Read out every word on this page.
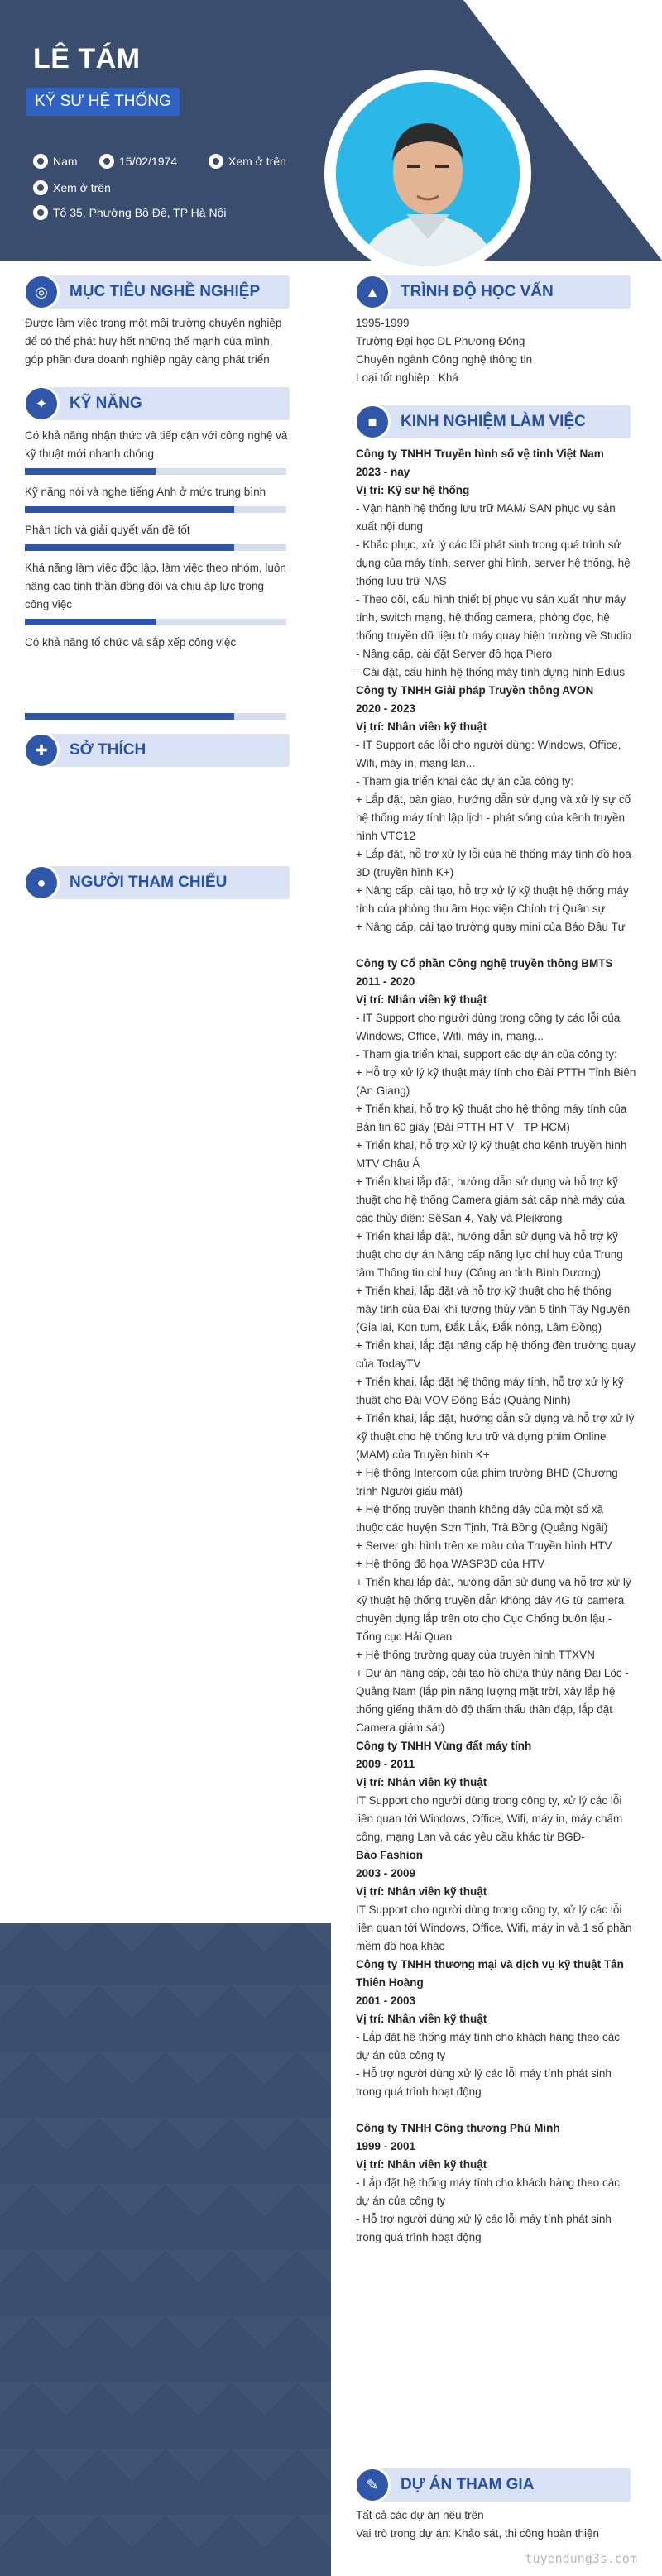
LÊ TÁM
KỸ SƯ HỆ THỐNG
Nam	15/02/1974	Xem ở trên
Xem ở trên
Tổ 35, Phường Bồ Đề, TP Hà Nội
◎	MỤC TIÊU NGHỀ NGHIỆP
Được làm việc trong một môi trường chuyên nghiệp
để có thể phát huy hết những thế mạnh của mình,
góp phần đưa doanh nghiệp ngày càng phát triển
✦	KỸ NĂNG
Có khả năng nhận thức và tiếp cận với công nghệ và
kỹ thuật mới nhanh chóng
Kỹ năng nói và nghe tiếng Anh ở mức trung bình
Phân tích và giải quyết vấn đề tốt
Khả năng làm việc độc lập, làm việc theo nhóm, luôn
nâng cao tinh thần đồng đội và chịu áp lực trong
công việc
Có khả năng tổ chức và sắp xếp công việc
✚	SỞ THÍCH
●	NGƯỜI THAM CHIẾU
▲	TRÌNH ĐỘ HỌC VẤN
1995-1999
Trường Đại học DL Phương Đông
Chuyên ngành Công nghệ thông tin
Loại tốt nghiệp : Khá
■	KINH NGHIỆM LÀM VIỆC
Công ty TNHH Truyền hình số vệ tinh Việt Nam
2023 - nay
Vị trí: Kỹ sư hệ thống
- Vận hành hệ thống lưu trữ MAM/ SAN phục vụ sản
xuất nội dung
- Khắc phục, xử lý các lỗi phát sinh trong quá trình sử
dụng của máy tính, server ghi hình, server hệ thống, hệ
thống lưu trữ NAS
- Theo dõi, cấu hình thiết bị phục vụ sản xuất như máy
tính, switch mạng, hệ thống camera, phòng đọc, hệ
thống truyền dữ liệu từ máy quay hiện trường về Studio
- Nâng cấp, cài đặt Server đồ họa Piero
- Cài đặt, cấu hình hệ thống máy tính dựng hình Edius
Công ty TNHH Giải pháp Truyền thông AVON
2020 - 2023
Vị trí: Nhân viên kỹ thuật
- IT Support các lỗi cho người dùng: Windows, Office,
Wifi, máy in, mạng lan...
- Tham gia triển khai các dự án của công ty:
+ Lắp đặt, bàn giao, hướng dẫn sử dụng và xử lý sự cố
hệ thống máy tính lập lịch - phát sóng của kênh truyền
hình VTC12
+ Lắp đặt, hỗ trợ xử lý lỗi của hệ thống máy tính đồ họa
3D (truyền hình K+)
+ Nâng cấp, cài tạo, hỗ trợ xử lý kỹ thuật hệ thống máy
tính của phòng thu âm Học viện Chính trị Quân sự
+ Nâng cấp, cải tạo trường quay mini của Báo Đầu Tư
Công ty Cổ phần Công nghệ truyền thông BMTS
2011 - 2020
Vị trí: Nhân viên kỹ thuật
- IT Support cho người dùng trong công ty các lỗi của
Windows, Office, Wifi, máy in, mạng...
- Tham gia triển khai, support các dự án của công ty:
+ Hỗ trợ xử lý kỹ thuật máy tính cho Đài PTTH Tỉnh Biên
(An Giang)
+ Triển khai, hỗ trợ kỹ thuật cho hệ thống máy tính của
Bản tin 60 giây (Đài PTTH HT V - TP HCM)
+ Triển khai, hỗ trợ xử lý kỹ thuật cho kênh truyền hình
MTV Châu Á
+ Triển khai lắp đặt, hướng dẫn sử dụng và hỗ trợ kỹ
thuật cho hệ thống Camera giám sát cấp nhà máy của
các thủy điện: SêSan 4, Yaly và Pleikrong
+ Triển khai lắp đặt, hướng dẫn sử dụng và hỗ trợ kỹ
thuật cho dự án Nâng cấp năng lực chỉ huy của Trung
tâm Thông tin chỉ huy (Công an tỉnh Bình Dương)
+ Triển khai, lắp đặt và hỗ trợ kỹ thuật cho hệ thống
máy tính của Đài khí tượng thủy văn 5 tỉnh Tây Nguyên
(Gia lai, Kon tum, Đắk Lắk, Đắk nông, Lâm Đồng)
+ Triển khai, lắp đặt nâng cấp hệ thống đèn trường quay
của TodayTV
+ Triển khai, lắp đặt hệ thống máy tính, hỗ trợ xử lý kỹ
thuật cho Đài VOV Đông Bắc (Quảng Ninh)
+ Triển khai, lắp đặt, hướng dẫn sử dụng và hỗ trợ xử lý
kỹ thuật cho hệ thống lưu trữ và dựng phim Online
(MAM) của Truyền hình K+
+ Hệ thống Intercom của phim trường BHD (Chương
trình Người giấu mặt)
+ Hệ thống truyền thanh không dây của một số xã
thuộc các huyện Sơn Tịnh, Trà Bồng (Quảng Ngãi)
+ Server ghi hình trên xe màu của Truyền hình HTV
+ Hệ thống đồ họa WASP3D của HTV
+ Triển khai lắp đặt, hướng dẫn sử dụng và hỗ trợ xử lý
kỹ thuật hệ thống truyền dẫn không dây 4G từ camera
chuyên dụng lắp trên oto cho Cục Chống buôn lậu -
Tổng cục Hải Quan
+ Hệ thống trường quay của truyền hình TTXVN
+ Dự án nâng cấp, cải tạo hồ chứa thủy năng Đại Lộc -
Quảng Nam (lắp pin năng lượng mặt trời, xây lắp hệ
thống giếng thăm dò độ thấm thấu thân đập, lắp đặt
Camera giám sát)
Công ty TNHH Vùng đất máy tính
2009 - 2011
Vị trí: Nhân viên kỹ thuật
IT Support cho người dùng trong công ty, xử lý các lỗi
liên quan tới Windows, Office, Wifi, máy in, máy chấm
công, mạng Lan và các yêu cầu khác từ BGĐ-
Bảo Fashion
2003 - 2009
Vị trí: Nhân viên kỹ thuật
IT Support cho người dùng trong công ty, xử lý các lỗi
liên quan tới Windows, Office, Wifi, máy in và 1 số phần
mềm đồ họa khác
Công ty TNHH thương mại và dịch vụ kỹ thuật Tân
Thiên Hoàng
2001 - 2003
Vị trí: Nhân viên kỹ thuật
- Lắp đặt hệ thống máy tính cho khách hàng theo các
dự án của công ty
- Hỗ trợ người dùng xử lý các lỗi máy tính phát sinh
trong quá trình hoạt động
Công ty TNHH Công thương Phú Minh
1999 - 2001
Vị trí: Nhân viên kỹ thuật
- Lắp đặt hệ thống máy tính cho khách hàng theo các
dự án của công ty
- Hỗ trợ người dùng xử lý các lỗi máy tính phát sinh
trong quá trình hoạt động
✎	DỰ ÁN THAM GIA
Tất cả các dự án nêu trên
Vai trò trong dự án: Khảo sát, thi công hoàn thiện
tuyendung3s.com
